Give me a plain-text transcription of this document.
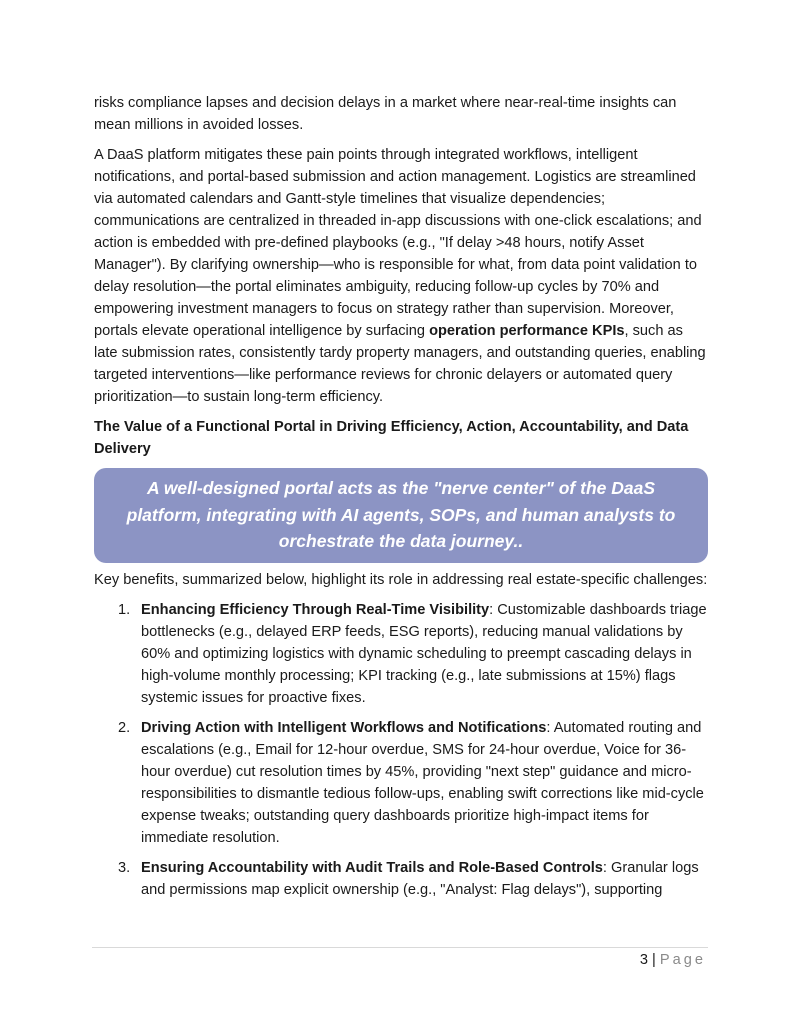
risks compliance lapses and decision delays in a market where near-real-time insights can mean millions in avoided losses.

A DaaS platform mitigates these pain points through integrated workflows, intelligent notifications, and portal-based submission and action management. Logistics are streamlined via automated calendars and Gantt-style timelines that visualize dependencies; communications are centralized in threaded in-app discussions with one-click escalations; and action is embedded with pre-defined playbooks (e.g., "If delay >48 hours, notify Asset Manager"). By clarifying ownership—who is responsible for what, from data point validation to delay resolution—the portal eliminates ambiguity, reducing follow-up cycles by 70% and empowering investment managers to focus on strategy rather than supervision. Moreover, portals elevate operational intelligence by surfacing operation performance KPIs, such as late submission rates, consistently tardy property managers, and outstanding queries, enabling targeted interventions—like performance reviews for chronic delayers or automated query prioritization—to sustain long-term efficiency.

The Value of a Functional Portal in Driving Efficiency, Action, Accountability, and Data Delivery
A well-designed portal acts as the "nerve center" of the DaaS platform, integrating with AI agents, SOPs, and human analysts to orchestrate the data journey..

Key benefits, summarized below, highlight its role in addressing real estate-specific challenges:

1. Enhancing Efficiency Through Real-Time Visibility: Customizable dashboards triage bottlenecks (e.g., delayed ERP feeds, ESG reports), reducing manual validations by 60% and optimizing logistics with dynamic scheduling to preempt cascading delays in high-volume monthly processing; KPI tracking (e.g., late submissions at 15%) flags systemic issues for proactive fixes.
2. Driving Action with Intelligent Workflows and Notifications: Automated routing and escalations (e.g., Email for 12-hour overdue, SMS for 24-hour overdue, Voice for 36-hour overdue) cut resolution times by 45%, providing "next step" guidance and micro-responsibilities to dismantle tedious follow-ups, enabling swift corrections like mid-cycle expense tweaks; outstanding query dashboards prioritize high-impact items for immediate resolution.
3. Ensuring Accountability with Audit Trails and Role-Based Controls: Granular logs and permissions map explicit ownership (e.g., "Analyst: Flag delays"), supporting
3 | Page
